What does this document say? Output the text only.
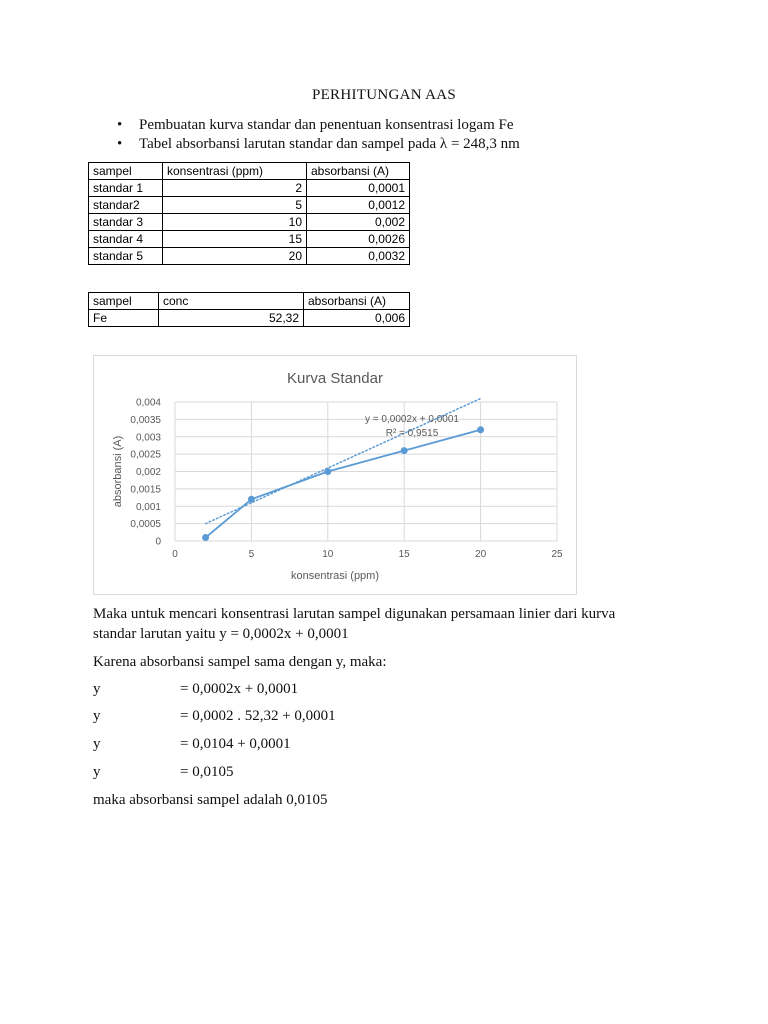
PERHITUNGAN AAS
• Pembuatan kurva standar dan penentuan konsentrasi logam Fe
• Tabel absorbansi larutan standar dan sampel pada λ = 248,3 nm
sampel	konsentrasi (ppm)	absorbansi (A)
standar 1	2	0,0001
standar2	5	0,0012
standar 3	10	0,002
standar 4	15	0,0026
standar 5	20	0,0032
sampel	conc	absorbansi (A)
Fe	52,32	0,006
Kurva Standar
0
0,0005
0,001
0,0015
0,002
0,0025
0,003
0,0035
0,004
0	5	10	15	20	25
konsentrasi (ppm)
absorbansi (A)
y = 0,0002x + 0,0001
R² = 0,9515

Maka untuk mencari konsentrasi larutan sampel digunakan persamaan linier dari kurva standar larutan yaitu y = 0,0002x + 0,0001

Karena absorbansi sampel sama dengan y, maka:

y	= 0,0002x + 0,0001
y	= 0,0002 . 52,32 + 0,0001
y	= 0,0104 + 0,0001
y	= 0,0105

maka absorbansi sampel adalah 0,0105
